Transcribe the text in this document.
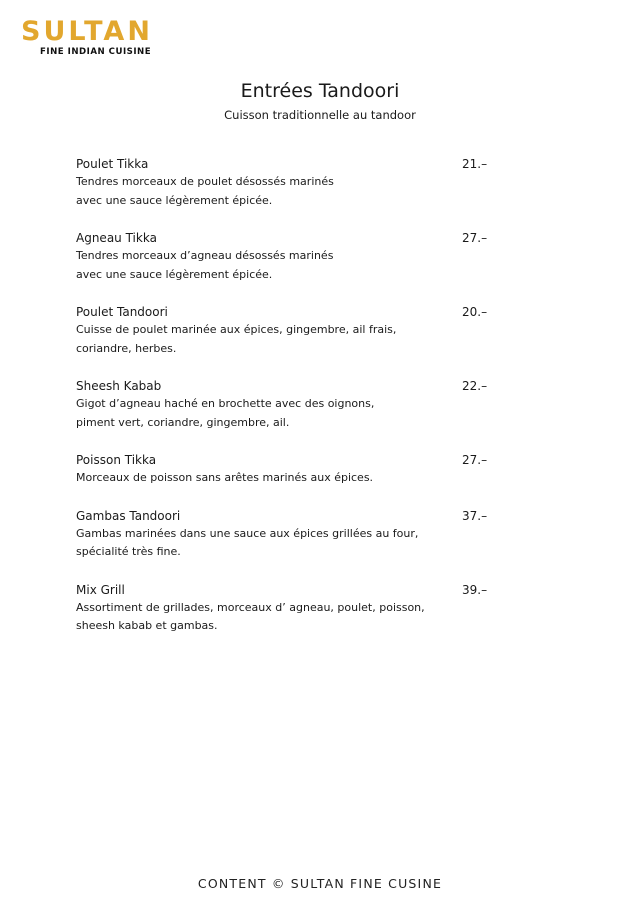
SULTAN
FINE INDIAN CUISINE
Entrées Tandoori
Cuisson traditionnelle au tandoor
Poulet Tikka	21.–
Tendres morceaux de poulet désossés marinés
avec une sauce légèrement épicée.
Agneau Tikka	27.–
Tendres morceaux d’agneau désossés marinés
avec une sauce légèrement épicée.
Poulet Tandoori	20.–
Cuisse de poulet marinée aux épices, gingembre, ail frais,
coriandre, herbes.
Sheesh Kabab	22.–
Gigot d’agneau haché en brochette avec des oignons,
piment vert, coriandre, gingembre, ail.
Poisson Tikka	27.–
Morceaux de poisson sans arêtes marinés aux épices.
Gambas Tandoori	37.–
Gambas marinées dans une sauce aux épices grillées au four,
spécialité très fine.
Mix Grill	39.–
Assortiment de grillades, morceaux d’ agneau, poulet, poisson,
sheesh kabab et gambas.
CONTENT © SULTAN FINE CUSINE
